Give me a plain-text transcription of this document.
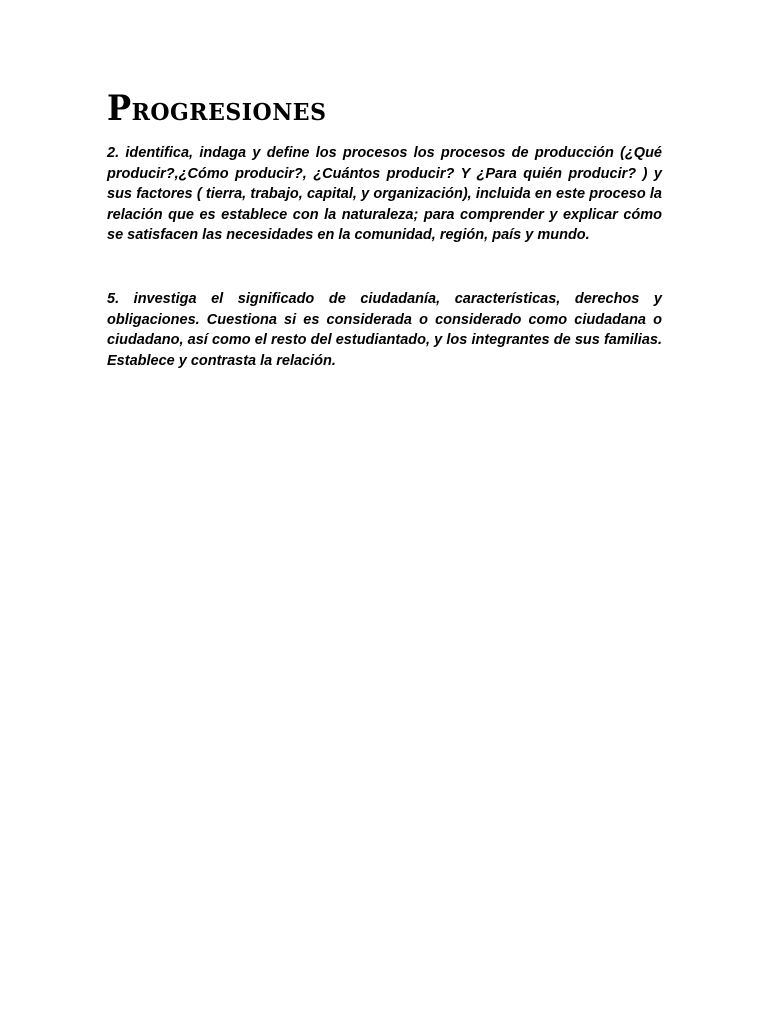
Progresiones

2. identifica, indaga y define los procesos los procesos de producción (¿Qué producir?,¿Cómo producir?, ¿Cuántos producir? Y ¿Para quién producir? ) y sus factores ( tierra, trabajo, capital, y organización), incluida en este proceso la relación que es establece con la naturaleza; para comprender y explicar cómo se satisfacen las necesidades en la comunidad, región, país y mundo.

5. investiga el significado de ciudadanía, características, derechos y obligaciones. Cuestiona si es considerada o considerado como ciudadana o ciudadano, así como el resto del estudiantado, y los integrantes de sus familias. Establece y contrasta la relación.
